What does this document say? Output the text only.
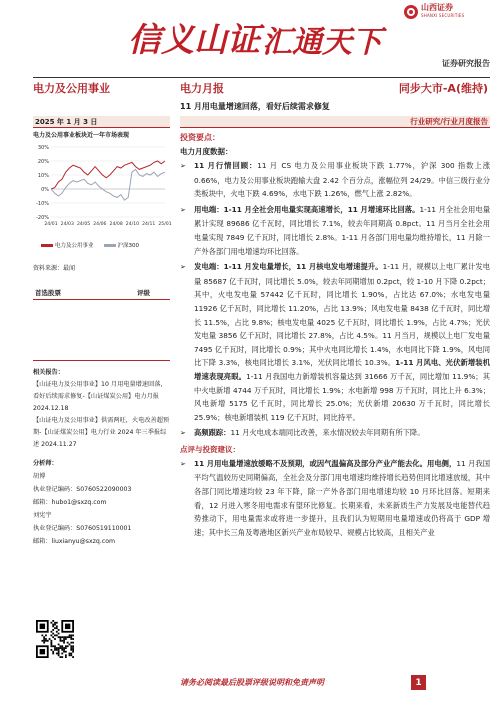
山西证券
SHANXI SECURITIES
信义山证 汇通天下
证券研究报告
电力及公用事业	电力月报	同步大市-A(维持)
11 月用电量增速回落，看好后续需求修复
2025 年 1 月 3 日
电力及公用事业板块近一年市场表现
30%
20%
10%
0%
-10%
-20%
24/01 24/03 24/05 24/06 24/08 24/10 24/11 25/01
电力及公用事业	沪深300
资料来源：最闻
首选股票	评级
相关报告：
【山证电力及公用事业】10 月用电量增速回落，看好后续需求修复-【山证煤炭公用】电力月报 2024.12.18
【山证电力及公用事业】供需两旺，火电改善超预期-【山证煤炭公用】电力行业 2024 年三季报综述 2024.11.27
分析师：
胡博
执业登记编码：S0760522090003
邮箱：hubo1@sxzq.com
刘宪宇
执业登记编码：S0760519110001
邮箱：liuxianyu@sxzq.com
行业研究/行业月度报告
投资要点：
电力月度数据：
➢ 11 月行情回顾：11 月 CS 电力及公用事业板块下跌 1.77%，沪深 300 指数上涨 0.66%，电力及公用事业板块跑输大盘 2.42 个百分点，涨幅位列 24/29。中信三级行业分类板块中，火电下跌 4.69%，水电下跌 1.26%，燃气上涨 2.82%。
➢ 用电端：1-11 月全社会用电量实现高速增长，11 月增速环比回落。1-11 月全社会用电量累计实现 89686 亿千瓦时，同比增长 7.1%，较去年同期高 0.8pct。11 月当月全社会用电量实现 7849 亿千瓦时，同比增长 2.8%。1-11 月各部门用电量均维持增长，11 月除一产外各部门用电增速均环比回落。
➢ 发电端：1-11 月发电量增长，11 月核电发电增速提升。1-11 月，规模以上电厂累计发电量 85687 亿千瓦时，同比增长 5.0%，较去年同期增加 0.2pct，较 1-10 月下降 0.2pct；其中，火电发电量 57442 亿千瓦时，同比增长 1.90%，占比达 67.0%；水电发电量 11926 亿千瓦时，同比增长 11.20%，占比 13.9%；风电发电量 8438 亿千瓦时，同比增长 11.5%，占比 9.8%；核电发电量 4025 亿千瓦时，同比增长 1.9%，占比 4.7%；光伏发电量 3856 亿千瓦时，同比增长 27.8%，占比 4.5%。11 月当月，规模以上电厂发电量 7495 亿千瓦时，同比增长 0.9%；其中火电同比增长 1.4%，水电同比下降 1.9%，风电同比下降 3.3%，核电同比增长 3.1%，光伏同比增长 10.3%。1-11 月风电、光伏新增装机增速表现亮眼。1-11 月我国电力新增装机容量达到 31666 万千瓦，同比增加 11.9%；其中火电新增 4744 万千瓦时，同比增长 1.9%；水电新增 998 万千瓦时，同比上升 6.3%；风电新增 5175 亿千瓦时，同比增长 25.0%；光伏新增 20630 万千瓦时，同比增长 25.9%；核电新增装机 119 亿千瓦时，同比持平。
➢ 高频跟踪：11 月火电成本端同比改善，来水情况较去年同期有所下降。
点评与投资建议：
➢ 11 月用电量增速放缓略不及预期，或因气温偏高及部分产业产能去化。用电侧，11 月我国平均气温较历史同期偏高，全社会及分部门用电增速均维持增长趋势但同比增速放缓，其中各部门同比增速均较 23 年下降，除一产外各部门用电增速均较 10 月环比回落。短期来看，12 月进入寒冬用电需求有望环比修复。长期来看，未来新质生产力发展及电能替代趋势推动下，用电量需求或将进一步提升，且我们认为短期用电量增速或仍将高于 GDP 增速；其中长三角及粤港地区新兴产业布局较早、规模占比较高，且相关产业
请务必阅读最后股票评级说明和免责声明	1
